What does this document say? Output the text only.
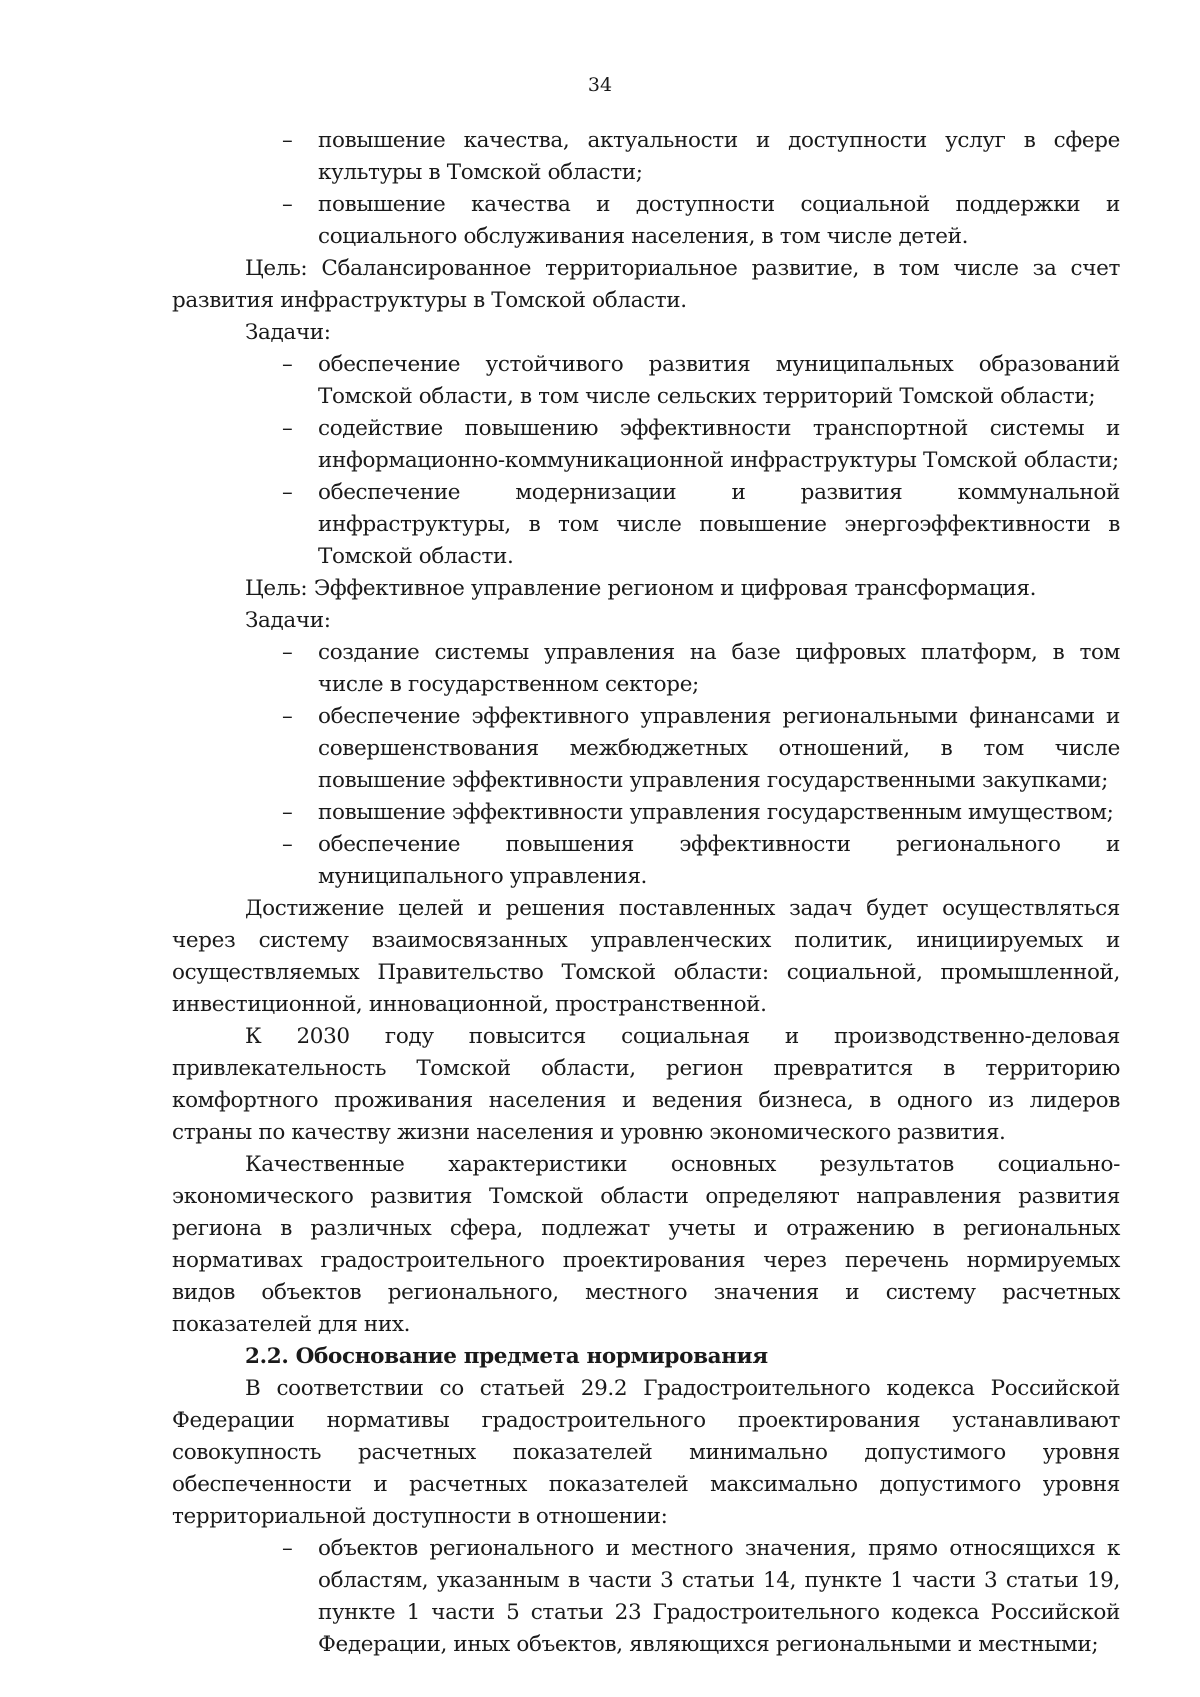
34
– повышение качества, актуальности и доступности услуг в сфере культуры в Томской области;
– повышение качества и доступности социальной поддержки и социального обслуживания населения, в том числе детей.

Цель: Сбалансированное территориальное развитие, в том числе за счет развития инфраструктуры в Томской области.

Задачи:

– обеспечение устойчивого развития муниципальных образований Томской области, в том числе сельских территорий Томской области;
– содействие повышению эффективности транспортной системы и информационно-коммуникационной инфраструктуры Томской области;
– обеспечение модернизации и развития коммунальной инфраструктуры, в том числе повышение энергоэффективности в Томской области.

Цель: Эффективное управление регионом и цифровая трансформация.

Задачи:

– создание системы управления на базе цифровых платформ, в том числе в государственном секторе;
– обеспечение эффективного управления региональными финансами и совершенствования межбюджетных отношений, в том числе повышение эффективности управления государственными закупками;
– повышение эффективности управления государственным имуществом;
– обеспечение повышения эффективности регионального и муниципального управления.

Достижение целей и решения поставленных задач будет осуществляться через систему взаимосвязанных управленческих политик, инициируемых и осуществляемых Правительство Томской области: социальной, промышленной, инвестиционной, инновационной, пространственной.

К 2030 году повысится социальная и производственно-деловая привлекательность Томской области, регион превратится в территорию комфортного проживания населения и ведения бизнеса, в одного из лидеров страны по качеству жизни населения и уровню экономического развития.

Качественные характеристики основных результатов социально-экономического развития Томской области определяют направления развития региона в различных сфера, подлежат учеты и отражению в региональных нормативах градостроительного проектирования через перечень нормируемых видов объектов регионального, местного значения и систему расчетных показателей для них.

2.2. Обоснование предмета нормирования

В соответствии со статьей 29.2 Градостроительного кодекса Российской Федерации нормативы градостроительного проектирования устанавливают совокупность расчетных показателей минимально допустимого уровня обеспеченности и расчетных показателей максимально допустимого уровня территориальной доступности в отношении:

– объектов регионального и местного значения, прямо относящихся к областям, указанным в части 3 статьи 14, пункте 1 части 3 статьи 19, пункте 1 части 5 статьи 23 Градостроительного кодекса Российской Федерации, иных объектов, являющихся региональными и местными;
